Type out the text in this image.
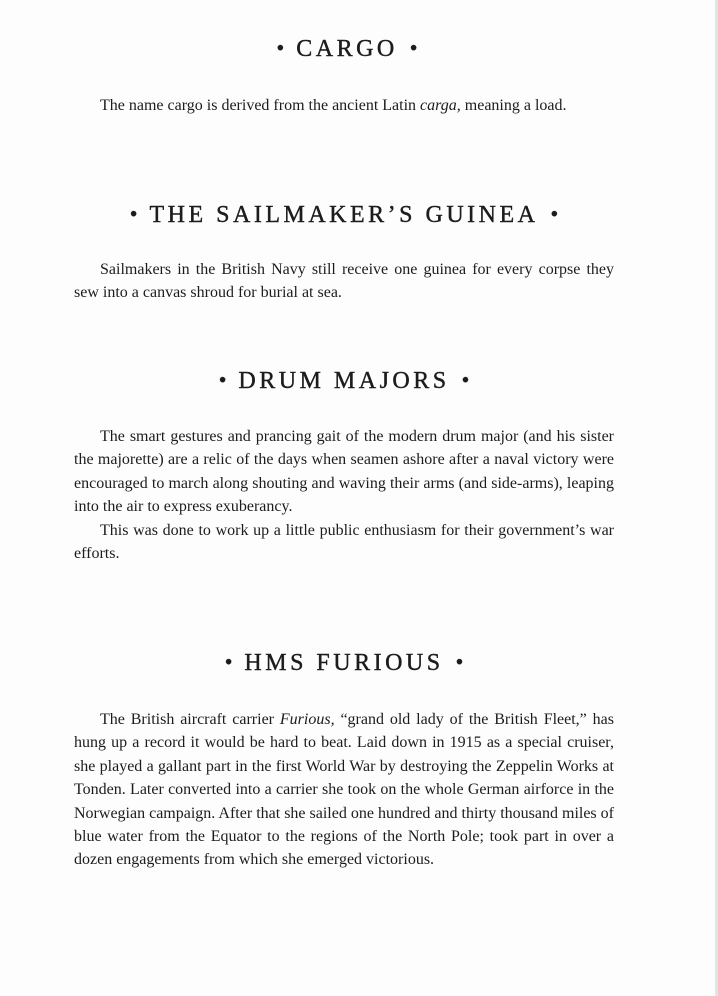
• CARGO •

The name cargo is derived from the ancient Latin carga, meaning a load.

• THE SAILMAKER’S GUINEA •

Sailmakers in the British Navy still receive one guinea for every corpse they sew into a canvas shroud for burial at sea.

• DRUM MAJORS •

The smart gestures and prancing gait of the modern drum major (and his sister the majorette) are a relic of the days when seamen ashore after a naval victory were encouraged to march along shouting and waving their arms (and side-arms), leaping into the air to express exuberancy.

This was done to work up a little public enthusiasm for their government’s war efforts.

• HMS FURIOUS •

The British aircraft carrier Furious, “grand old lady of the British Fleet,” has hung up a record it would be hard to beat. Laid down in 1915 as a special cruiser, she played a gallant part in the first World War by destroying the Zeppelin Works at Tonden. Later converted into a carrier she took on the whole German airforce in the Norwegian campaign. After that she sailed one hundred and thirty thousand miles of blue water from the Equator to the regions of the North Pole; took part in over a dozen engagements from which she emerged victorious.
